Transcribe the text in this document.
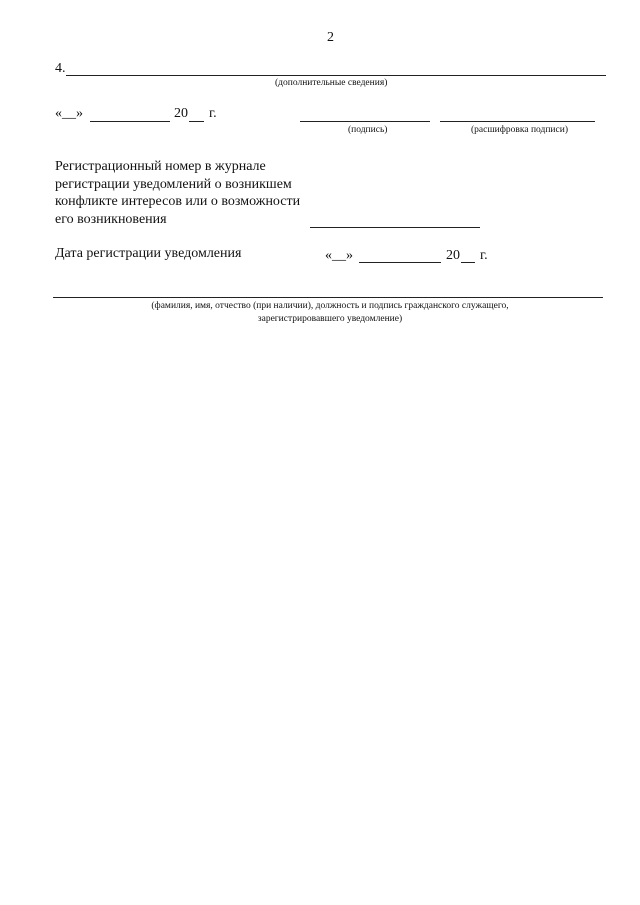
2
4.
(дополнительные сведения)
«__»	20 г.
(подпись)	(расшифровка подписи)
Регистрационный номер в журнале
регистрации уведомлений о возникшем
конфликте интересов или о возможности
его возникновения
Дата регистрации уведомления	«__»	20 г.
(фамилия, имя, отчество (при наличии), должность и подпись гражданского служащего,
зарегистрировавшего уведомление)
